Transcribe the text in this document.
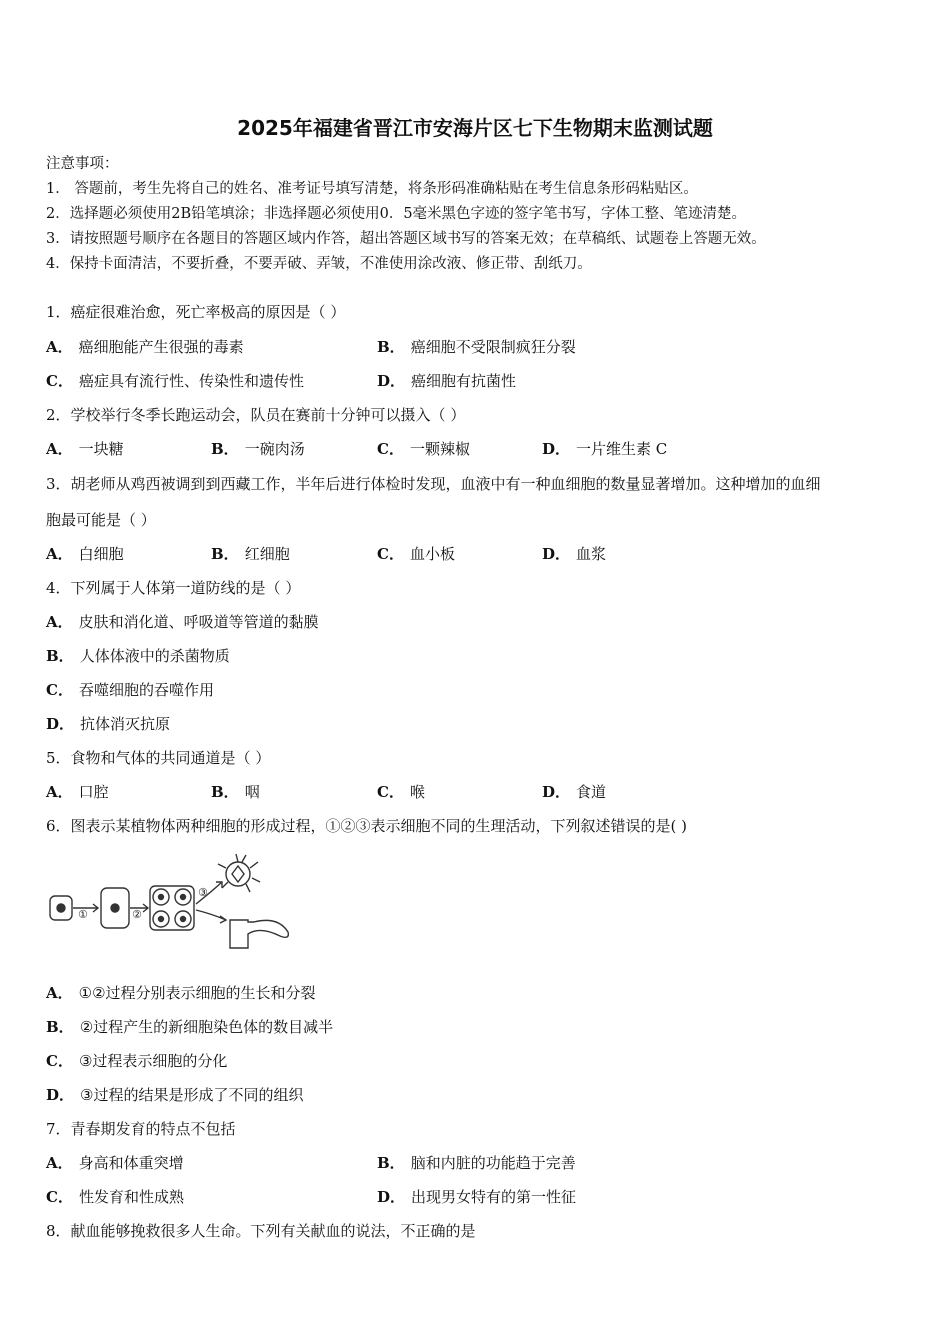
2025年福建省晋江市安海片区七下生物期末监测试题
注意事项：
1． 答题前，考生先将自己的姓名、准考证号填写清楚，将条形码准确粘贴在考生信息条形码粘贴区。
2．选择题必须使用2B铅笔填涂；非选择题必须使用0．5毫米黑色字迹的签字笔书写，字体工整、笔迹清楚。
3．请按照题号顺序在各题目的答题区域内作答，超出答题区域书写的答案无效；在草稿纸、试题卷上答题无效。
4．保持卡面清洁，不要折叠，不要弄破、弄皱，不准使用涂改液、修正带、刮纸刀。
1．癌症很难治愈，死亡率极高的原因是（ ）
A． 癌细胞能产生很强的毒素	B． 癌细胞不受限制疯狂分裂
C． 癌症具有流行性、传染性和遗传性	D． 癌细胞有抗菌性
2．学校举行冬季长跑运动会，队员在赛前十分钟可以摄入（ ）
A． 一块糖	B． 一碗肉汤	C． 一颗辣椒	D． 一片维生素 C
3．胡老师从鸡西被调到到西藏工作，半年后进行体检时发现，血液中有一种血细胞的数量显著增加。这种增加的血细
胞最可能是（ ）
A． 白细胞	B． 红细胞	C． 血小板	D． 血浆
4．下列属于人体第一道防线的是（ ）
A． 皮肤和消化道、呼吸道等管道的黏膜
B． 人体体液中的杀菌物质
C． 吞噬细胞的吞噬作用
D． 抗体消灭抗原
5．食物和气体的共同通道是（ ）
A． 口腔	B． 咽	C． 喉	D． 食道
6．图表示某植物体两种细胞的形成过程，①②③表示细胞不同的生理活动，下列叙述错误的是( )
①	②
③
A． ①②过程分别表示细胞的生长和分裂
B． ②过程产生的新细胞染色体的数目减半
C． ③过程表示细胞的分化
D． ③过程的结果是形成了不同的组织
7．青春期发育的特点不包括
A． 身高和体重突增	B． 脑和内脏的功能趋于完善
C． 性发育和性成熟	D． 出现男女特有的第一性征
8．献血能够挽救很多人生命。下列有关献血的说法，不正确的是
